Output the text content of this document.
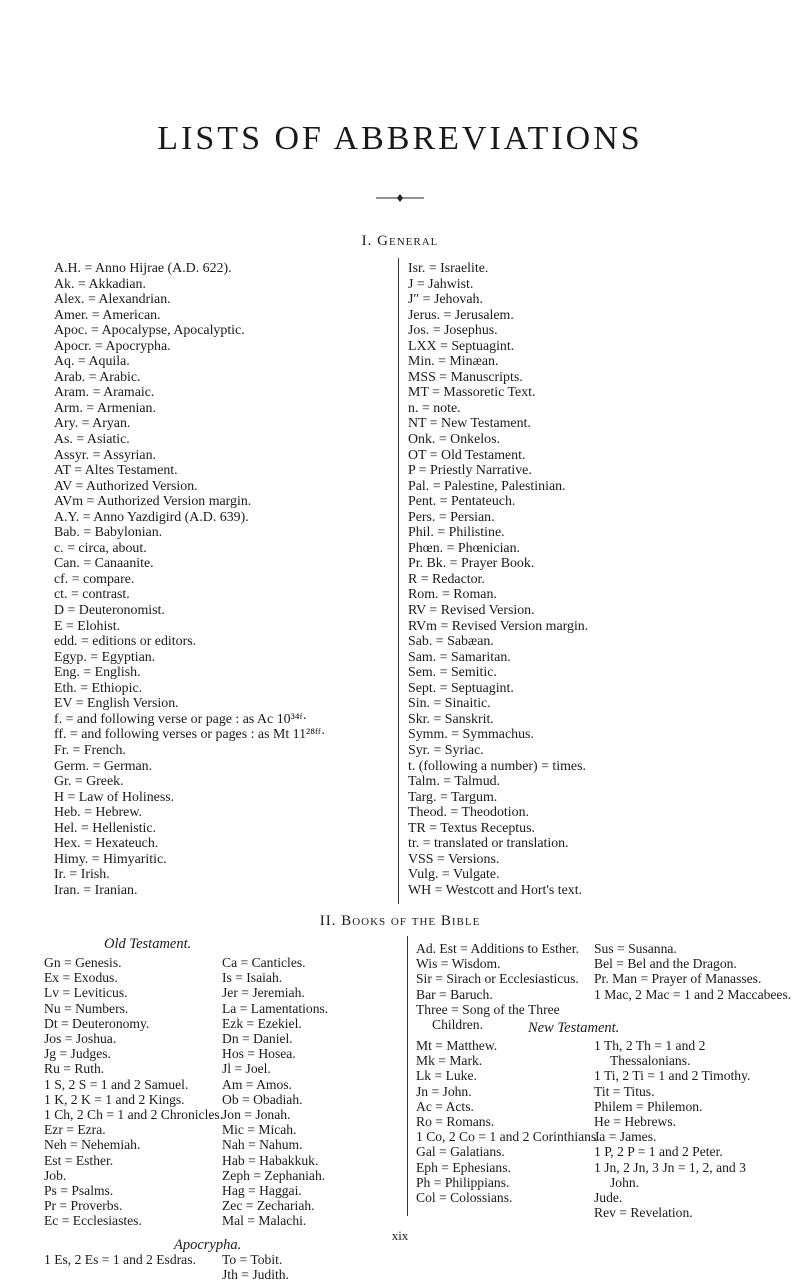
LISTS OF ABBREVIATIONS
I. General
A.H. = Anno Hijrae (A.D. 622).
Ak. = Akkadian.
Alex. = Alexandrian.
Amer. = American.
Apoc. = Apocalypse, Apocalyptic.
Apocr. = Apocrypha.
Aq. = Aquila.
Arab. = Arabic.
Aram. = Aramaic.
Arm. = Armenian.
Ary. = Aryan.
As. = Asiatic.
Assyr. = Assyrian.
AT = Altes Testament.
AV = Authorized Version.
AVm = Authorized Version margin.
A.Y. = Anno Yazdigird (A.D. 639).
Bab. = Babylonian.
c. = circa, about.
Can. = Canaanite.
cf. = compare.
ct. = contrast.
D = Deuteronomist.
E = Elohist.
edd. = editions or editors.
Egyp. = Egyptian.
Eng. = English.
Eth. = Ethiopic.
EV = English Version.
f. = and following verse or page : as Ac 10³⁴ᶠ·
ff. = and following verses or pages : as Mt 11²⁸ᶠᶠ·
Fr. = French.
Germ. = German.
Gr. = Greek.
H = Law of Holiness.
Heb. = Hebrew.
Hel. = Hellenistic.
Hex. = Hexateuch.
Himy. = Himyaritic.
Ir. = Irish.
Iran. = Iranian.
Isr. = Israelite.
J = Jahwist.
J″ = Jehovah.
Jerus. = Jerusalem.
Jos. = Josephus.
LXX = Septuagint.
Min. = Minæan.
MSS = Manuscripts.
MT = Massoretic Text.
n. = note.
NT = New Testament.
Onk. = Onkelos.
OT = Old Testament.
P = Priestly Narrative.
Pal. = Palestine, Palestinian.
Pent. = Pentateuch.
Pers. = Persian.
Phil. = Philistine.
Phœn. = Phœnician.
Pr. Bk. = Prayer Book.
R = Redactor.
Rom. = Roman.
RV = Revised Version.
RVm = Revised Version margin.
Sab. = Sabæan.
Sam. = Samaritan.
Sem. = Semitic.
Sept. = Septuagint.
Sin. = Sinaitic.
Skr. = Sanskrit.
Symm. = Symmachus.
Syr. = Syriac.
t. (following a number) = times.
Talm. = Talmud.
Targ. = Targum.
Theod. = Theodotion.
TR = Textus Receptus.
tr. = translated or translation.
VSS = Versions.
Vulg. = Vulgate.
WH = Westcott and Hort's text.
II. Books of the Bible
Old Testament.
Gn = Genesis.
Ex = Exodus.
Lv = Leviticus.
Nu = Numbers.
Dt = Deuteronomy.
Jos = Joshua.
Jg = Judges.
Ru = Ruth.
1 S, 2 S = 1 and 2 Samuel.
1 K, 2 K = 1 and 2 Kings.
1 Ch, 2 Ch = 1 and 2 Chronicles.
Ezr = Ezra.
Neh = Nehemiah.
Est = Esther.
Job.
Ps = Psalms.
Pr = Proverbs.
Ec = Ecclesiastes.
Ca = Canticles.
Is = Isaiah.
Jer = Jeremiah.
La = Lamentations.
Ezk = Ezekiel.
Dn = Daniel.
Hos = Hosea.
Jl = Joel.
Am = Amos.
Ob = Obadiah.
Jon = Jonah.
Mic = Micah.
Nah = Nahum.
Hab = Habakkuk.
Zeph = Zephaniah.
Hag = Haggai.
Zec = Zechariah.
Mal = Malachi.
Apocrypha.
1 Es, 2 Es = 1 and 2 Esdras.	To = Tobit.
Jth = Judith.
Ad. Est = Additions to Esther.
Wis = Wisdom.
Sir = Sirach or Ecclesiasticus.
Bar = Baruch.
Three = Song of the Three Children.
Sus = Susanna.
Bel = Bel and the Dragon.
Pr. Man = Prayer of Manasses.
1 Mac, 2 Mac = 1 and 2 Maccabees.
New Testament.
Mt = Matthew.
Mk = Mark.
Lk = Luke.
Jn = John.
Ac = Acts.
Ro = Romans.
1 Co, 2 Co = 1 and 2 Corinthians.
Gal = Galatians.
Eph = Ephesians.
Ph = Philippians.
Col = Colossians.
1 Th, 2 Th = 1 and 2 Thessalonians.
1 Ti, 2 Ti = 1 and 2 Timothy.
Tit = Titus.
Philem = Philemon.
He = Hebrews.
Ja = James.
1 P, 2 P = 1 and 2 Peter.
1 Jn, 2 Jn, 3 Jn = 1, 2, and 3 John.
Jude.
Rev = Revelation.
xix
